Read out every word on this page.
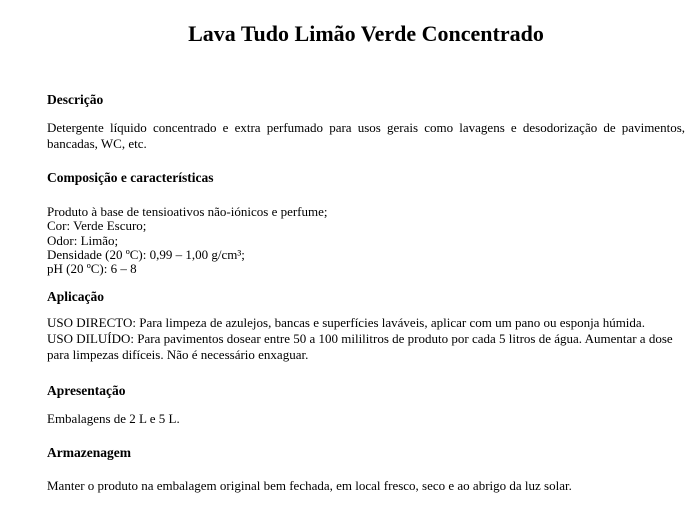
Lava Tudo Limão Verde Concentrado
Descrição
Detergente líquido concentrado e extra perfumado para usos gerais como lavagens e desodorização de pavimentos,
bancadas, WC, etc.
Composição e características
Produto à base de tensioativos não-iónicos e perfume;
Cor: Verde Escuro;
Odor: Limão;
Densidade (20 ºC): 0,99 – 1,00 g/cm³;
pH (20 ºC): 6 – 8
Aplicação
USO DIRECTO: Para limpeza de azulejos, bancas e superfícies laváveis, aplicar com um pano ou esponja húmida.
USO DILUÍDO: Para pavimentos dosear entre 50 a 100 mililitros de produto por cada 5 litros de água. Aumentar a dose
para limpezas difíceis. Não é necessário enxaguar.
Apresentação
Embalagens de 2 L e 5 L.
Armazenagem
Manter o produto na embalagem original bem fechada, em local fresco, seco e ao abrigo da luz solar.
